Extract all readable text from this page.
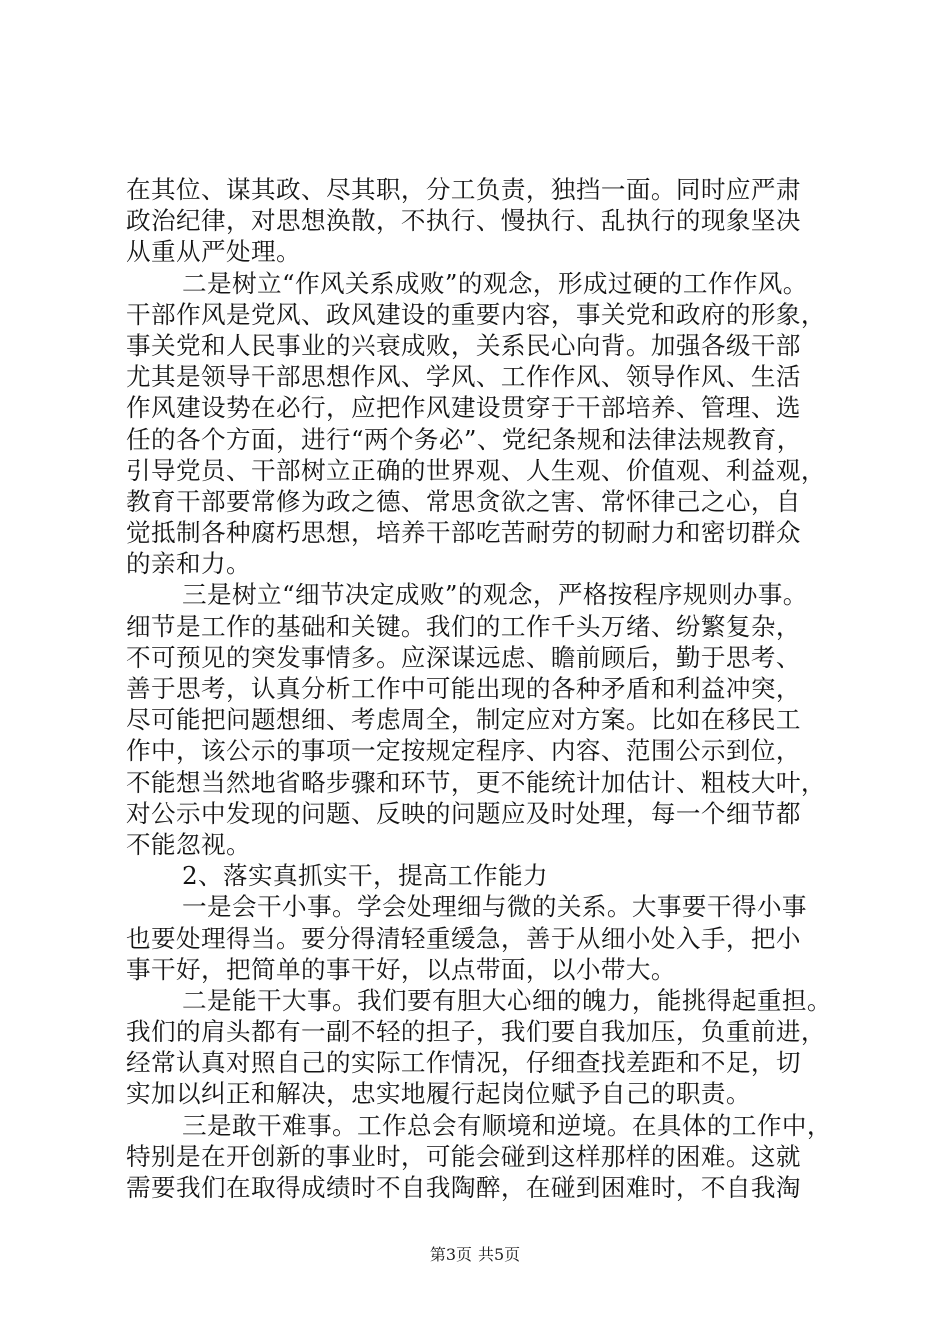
在其位、谋其政、尽其职，分工负责，独挡一面。同时应严肃
政治纪律，对思想涣散，不执行、慢执行、乱执行的现象坚决
从重从严处理。
二是树立“作风关系成败”的观念，形成过硬的工作作风。
干部作风是党风、政风建设的重要内容，事关党和政府的形象，
事关党和人民事业的兴衰成败，关系民心向背。加强各级干部
尤其是领导干部思想作风、学风、工作作风、领导作风、生活
作风建设势在必行，应把作风建设贯穿于干部培养、管理、选
任的各个方面，进行“两个务必”、党纪条规和法律法规教育，
引导党员、干部树立正确的世界观、人生观、价值观、利益观，
教育干部要常修为政之德、常思贪欲之害、常怀律己之心，自
觉抵制各种腐朽思想，培养干部吃苦耐劳的韧耐力和密切群众
的亲和力。
三是树立“细节决定成败”的观念，严格按程序规则办事。
细节是工作的基础和关键。我们的工作千头万绪、纷繁复杂，
不可预见的突发事情多。应深谋远虑、瞻前顾后，勤于思考、
善于思考，认真分析工作中可能出现的各种矛盾和利益冲突，
尽可能把问题想细、考虑周全，制定应对方案。比如在移民工
作中，该公示的事项一定按规定程序、内容、范围公示到位，
不能想当然地省略步骤和环节，更不能统计加估计、粗枝大叶，
对公示中发现的问题、反映的问题应及时处理，每一个细节都
不能忽视。
2、落实真抓实干，提高工作能力
一是会干小事。学会处理细与微的关系。大事要干得小事
也要处理得当。要分得清轻重缓急，善于从细小处入手，把小
事干好，把简单的事干好，以点带面，以小带大。
二是能干大事。我们要有胆大心细的魄力，能挑得起重担。
我们的肩头都有一副不轻的担子，我们要自我加压，负重前进，
经常认真对照自己的实际工作情况，仔细查找差距和不足，切
实加以纠正和解决，忠实地履行起岗位赋予自己的职责。
三是敢干难事。工作总会有顺境和逆境。在具体的工作中，
特别是在开创新的事业时，可能会碰到这样那样的困难。这就
需要我们在取得成绩时不自我陶醉，在碰到困难时，不自我淘
第3页 共5页
